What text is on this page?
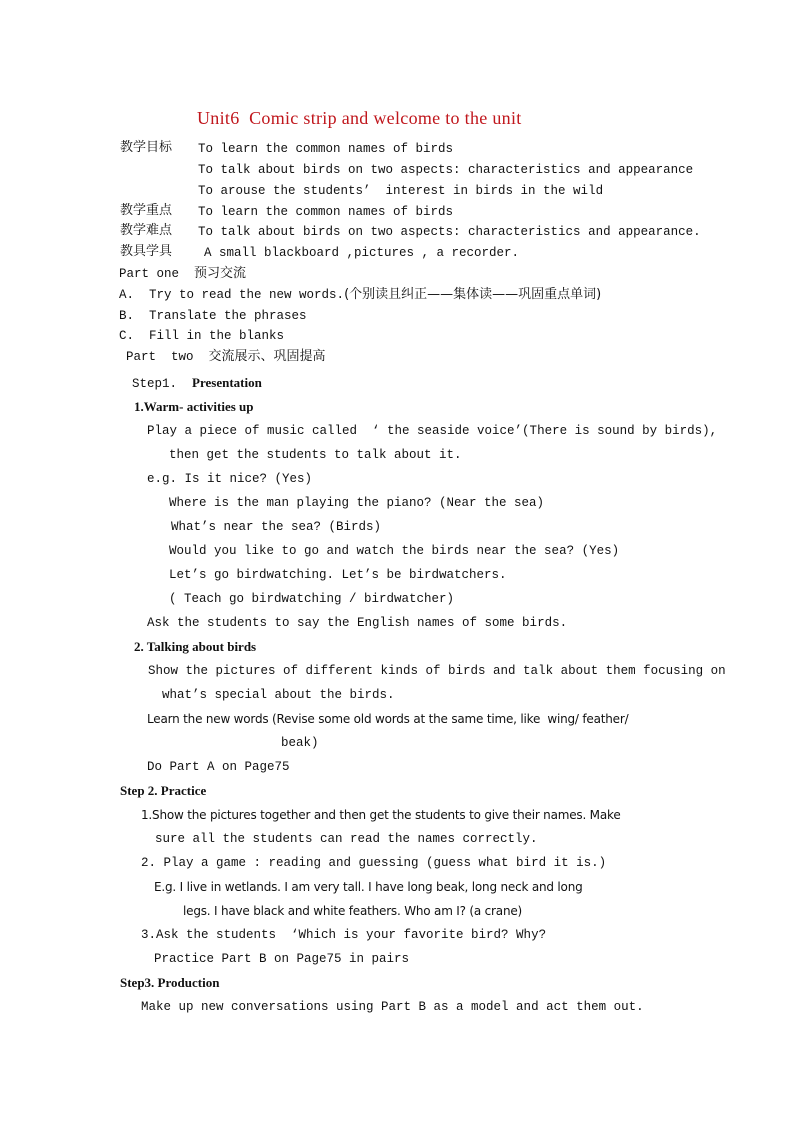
Unit6  Comic strip and welcome to the unit
教学目标 To learn the common names of birds
To talk about birds on two aspects: characteristics and appearance
To arouse the students’  interest in birds in the wild
教学重点 To learn the common names of birds
教学难点 To talk about birds on two aspects: characteristics and appearance.
教具学具	A small blackboard ,pictures , a recorder.
Part one 预习交流
A. Try to read the new words.(个别读且纠正——集体读——巩固重点单词)
B. Translate the phrases
C. Fill in the blanks
Part  two 交流展示、巩固提高
Step1. Presentation
1.Warm- activities up
Play a piece of music called  ‘ the seaside voice’(There is sound by birds),
then get the students to talk about it.
e.g. Is it nice? (Yes)
Where is the man playing the piano? (Near the sea)
What’s near the sea? (Birds)
Would you like to go and watch the birds near the sea? (Yes)
Let’s go birdwatching. Let’s be birdwatchers.
( Teach go birdwatching / birdwatcher)
Ask the students to say the English names of some birds.
2. Talking about birds
Show the pictures of different kinds of birds and talk about them focusing on
what’s special about the birds.
Learn the new words (Revise some old words at the same time, like  wing/ feather/
beak)
Do Part A on Page75
Step 2. Practice
1.Show the pictures together and then get the students to give their names. Make
sure all the students can read the names correctly.
2. Play a game : reading and guessing (guess what bird it is.)
E.g. I live in wetlands. I am very tall. I have long beak, long neck and long
legs. I have black and white feathers. Who am I? (a crane)
3.Ask the students  ‘Which is your favorite bird? Why?
Practice Part B on Page75 in pairs
Step3. Production
Make up new conversations using Part B as a model and act them out.
